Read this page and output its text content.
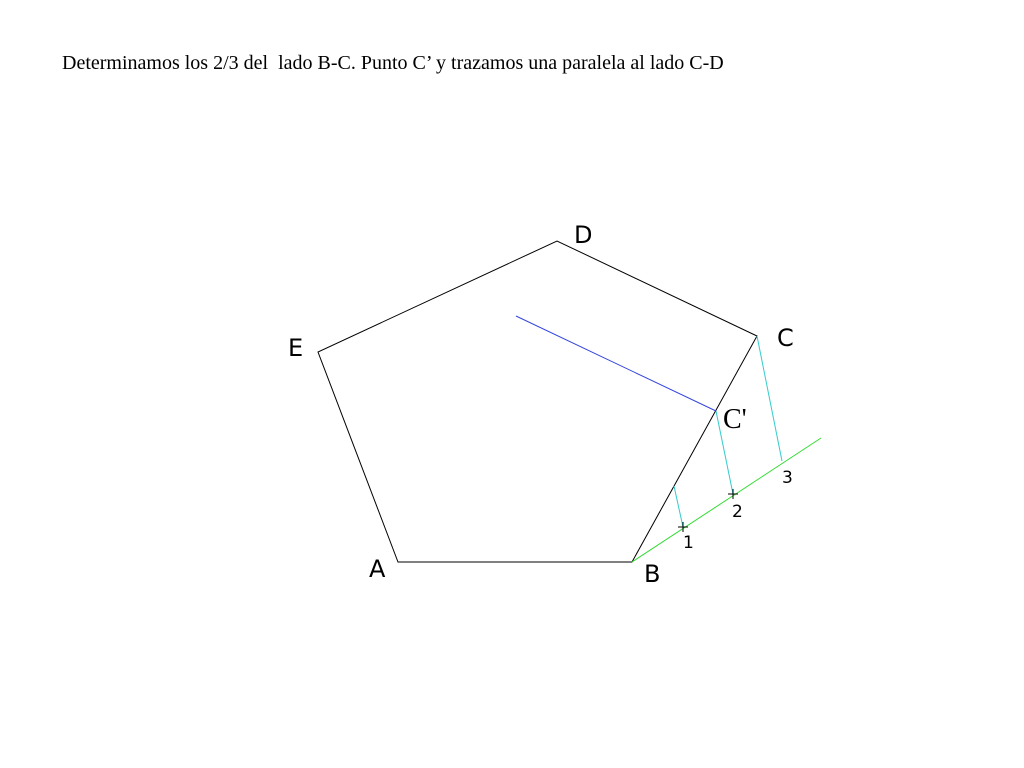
Determinamos los 2/3 del  lado B-C. Punto C’ y trazamos una paralela al lado C-D
A	B
C
D
E
C'
1
2
3
